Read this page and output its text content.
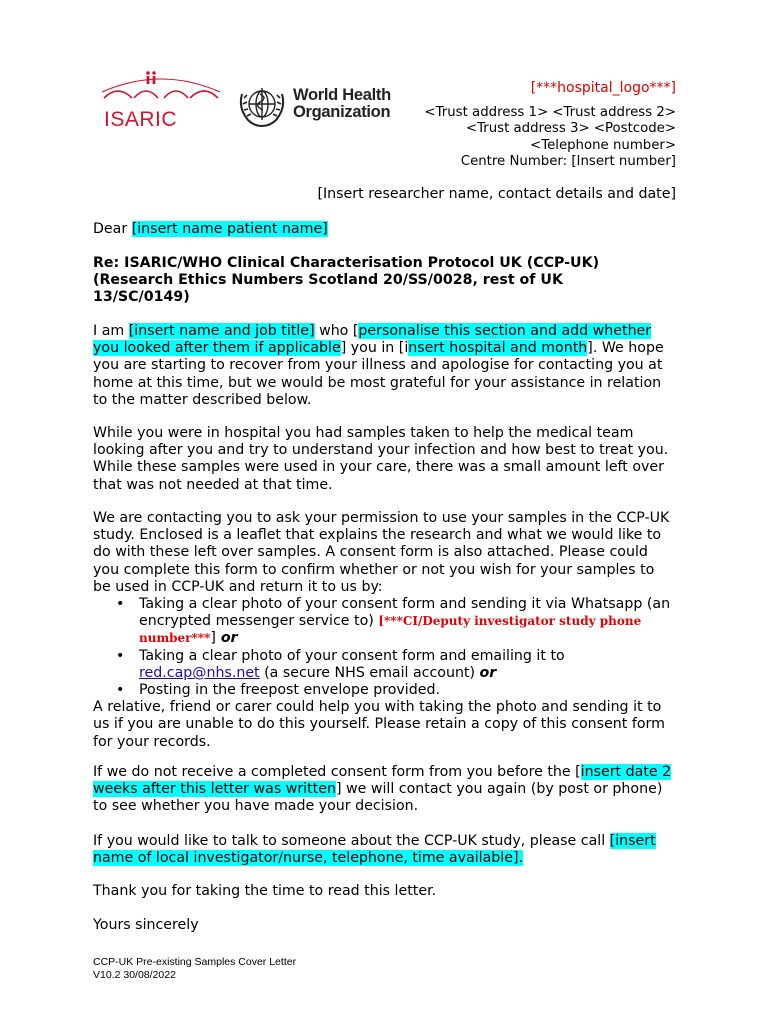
ISARIC
World Health
Organization
[***hospital_logo***]
<Trust address 1> <Trust address 2>
<Trust address 3> <Postcode>
<Telephone number>
Centre Number: [Insert number]
[Insert researcher name, contact details and date]
Dear [insert name patient name]
Re: ISARIC/WHO Clinical Characterisation Protocol UK (CCP-UK)
(Research Ethics Numbers Scotland 20/SS/0028, rest of UK
13/SC/0149)
I am [insert name and job title] who [personalise this section and add whether you looked after them if applicable] you in [insert hospital and month]. We hope you are starting to recover from your illness and apologise for contacting you at home at this time, but we would be most grateful for your assistance in relation to the matter described below.
While you were in hospital you had samples taken to help the medical team looking after you and try to understand your infection and how best to treat you. While these samples were used in your care, there was a small amount left over that was not needed at that time.
We are contacting you to ask your permission to use your samples in the CCP-UK study. Enclosed is a leaflet that explains the research and what we would like to do with these left over samples. A consent form is also attached. Please could you complete this form to confirm whether or not you wish for your samples to be used in CCP-UK and return it to us by:
• Taking a clear photo of your consent form and sending it via Whatsapp (an encrypted messenger service to) [***CI/Deputy investigator study phone number***] or
• Taking a clear photo of your consent form and emailing it to red.cap@nhs.net (a secure NHS email account) or
• Posting in the freepost envelope provided.
A relative, friend or carer could help you with taking the photo and sending it to us if you are unable to do this yourself. Please retain a copy of this consent form for your records.
If we do not receive a completed consent form from you before the [insert date 2 weeks after this letter was written] we will contact you again (by post or phone) to see whether you have made your decision.
If you would like to talk to someone about the CCP-UK study, please call [insert name of local investigator/nurse, telephone, time available].
Thank you for taking the time to read this letter.
Yours sincerely
CCP-UK Pre-existing Samples Cover Letter
V10.2 30/08/2022
